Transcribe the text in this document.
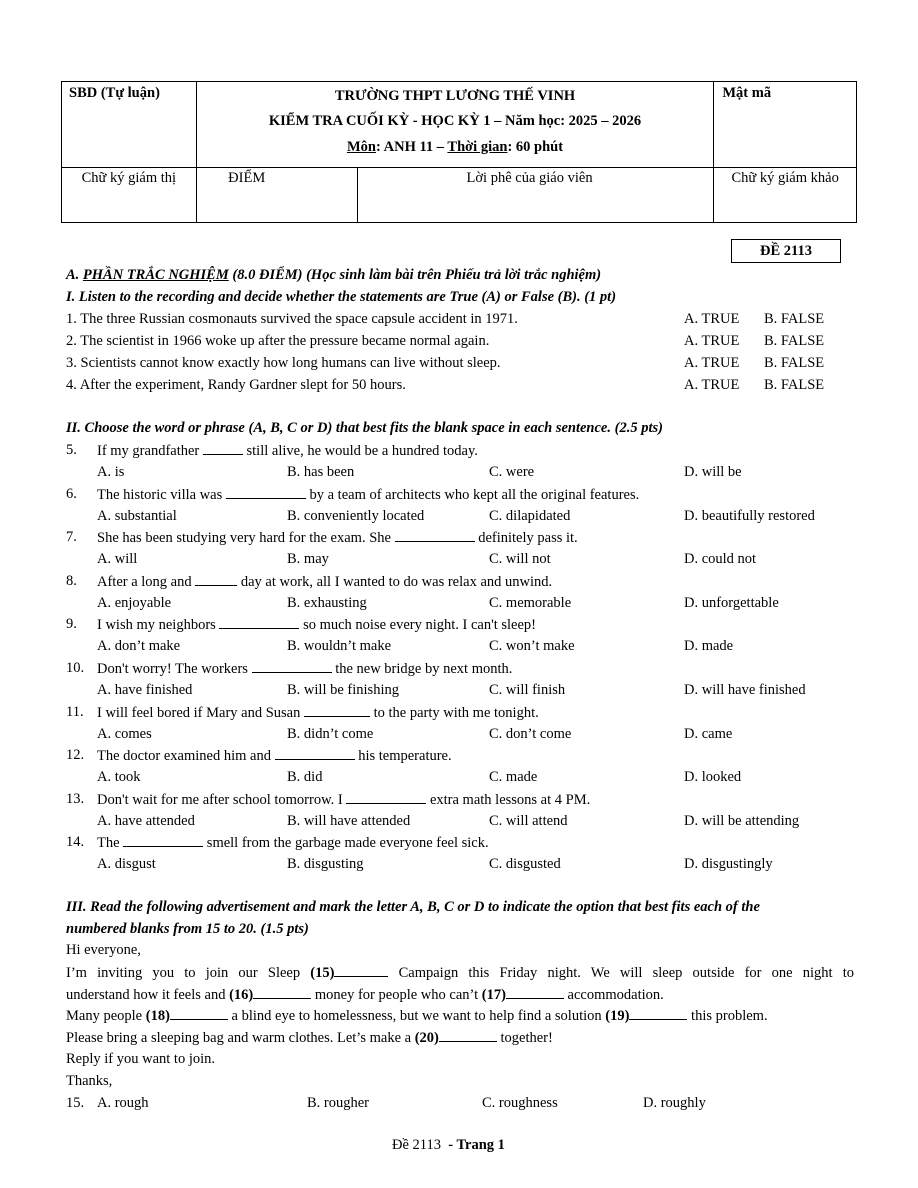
SBD (Tự luận)	TRƯỜNG THPT LƯƠNG THẾ VINH
KIỂM TRA CUỐI KỲ - HỌC KỲ 1 – Năm học: 2025 – 2026
Môn: ANH 11 – Thời gian: 60 phút		Mật mã

Chữ ký giám thị	ĐIỂM	Lời phê của giáo viên	Chữ ký giám khảo
ĐỀ 2113
A. PHẦN TRẮC NGHIỆM (8.0 ĐIỂM) (Học sinh làm bài trên Phiếu trả lời trắc nghiệm)
I. Listen to the recording and decide whether the statements are True (A) or False (B). (1 pt)
1. The three Russian cosmonauts survived the space capsule accident in 1971.	A. TRUE B. FALSE
2. The scientist in 1966 woke up after the pressure became normal again.	A. TRUE B. FALSE
3. Scientists cannot know exactly how long humans can live without sleep.	A. TRUE B. FALSE
4. After the experiment, Randy Gardner slept for 50 hours.	A. TRUE B. FALSE
II. Choose the word or phrase (A, B, C or D) that best fits the blank space in each sentence. (2.5 pts)
5. If my grandfather	still alive, he would be a hundred today.
A. is	B. has been	C. were	D. will be
6. The historic villa was	by a team of architects who kept all the original features.
A. substantial	B. conveniently located	C. dilapidated	D. beautifully restored
7. She has been studying very hard for the exam. She	definitely pass it.
A. will	B. may	C. will not	D. could not
8. After a long and	day at work, all I wanted to do was relax and unwind.
A. enjoyable	B. exhausting	C. memorable	D. unforgettable
9. I wish my neighbors	so much noise every night. I can't sleep!
A. don’t make	B. wouldn’t make	C. won’t make	D. made
10. Don't worry! The workers	the new bridge by next month.
A. have finished	B. will be finishing	C. will finish	D. will have finished
11. I will feel bored if Mary and Susan	to the party with me tonight.
A. comes	B. didn’t come	C. don’t come	D. came
12. The doctor examined him and	his temperature.
A. took	B. did	C. made	D. looked
13. Don't wait for me after school tomorrow. I	extra math lessons at 4 PM.
A. have attended	B. will have attended	C. will attend	D. will be attending
14. The	smell from the garbage made everyone feel sick.
A. disgust	B. disgusting	C. disgusted	D. disgustingly
III. Read the following advertisement and mark the letter A, B, C or D to indicate the option that best fits each of the
numbered blanks from 15 to 20. (1.5 pts)
Hi everyone,
I’m inviting you to join our Sleep (15)	Campaign this Friday night. We will sleep outside for one night to
understand how it feels and (16)	money for people who can’t (17)	accommodation.
Many people (18)	a blind eye to homelessness, but we want to help find a solution (19)	this problem.
Please bring a sleeping bag and warm clothes. Let’s make a (20)	together!
Reply if you want to join.
Thanks,
15. A. rough	B. rougher	C. roughness	D. roughly
Đề 2113 - Trang 1
